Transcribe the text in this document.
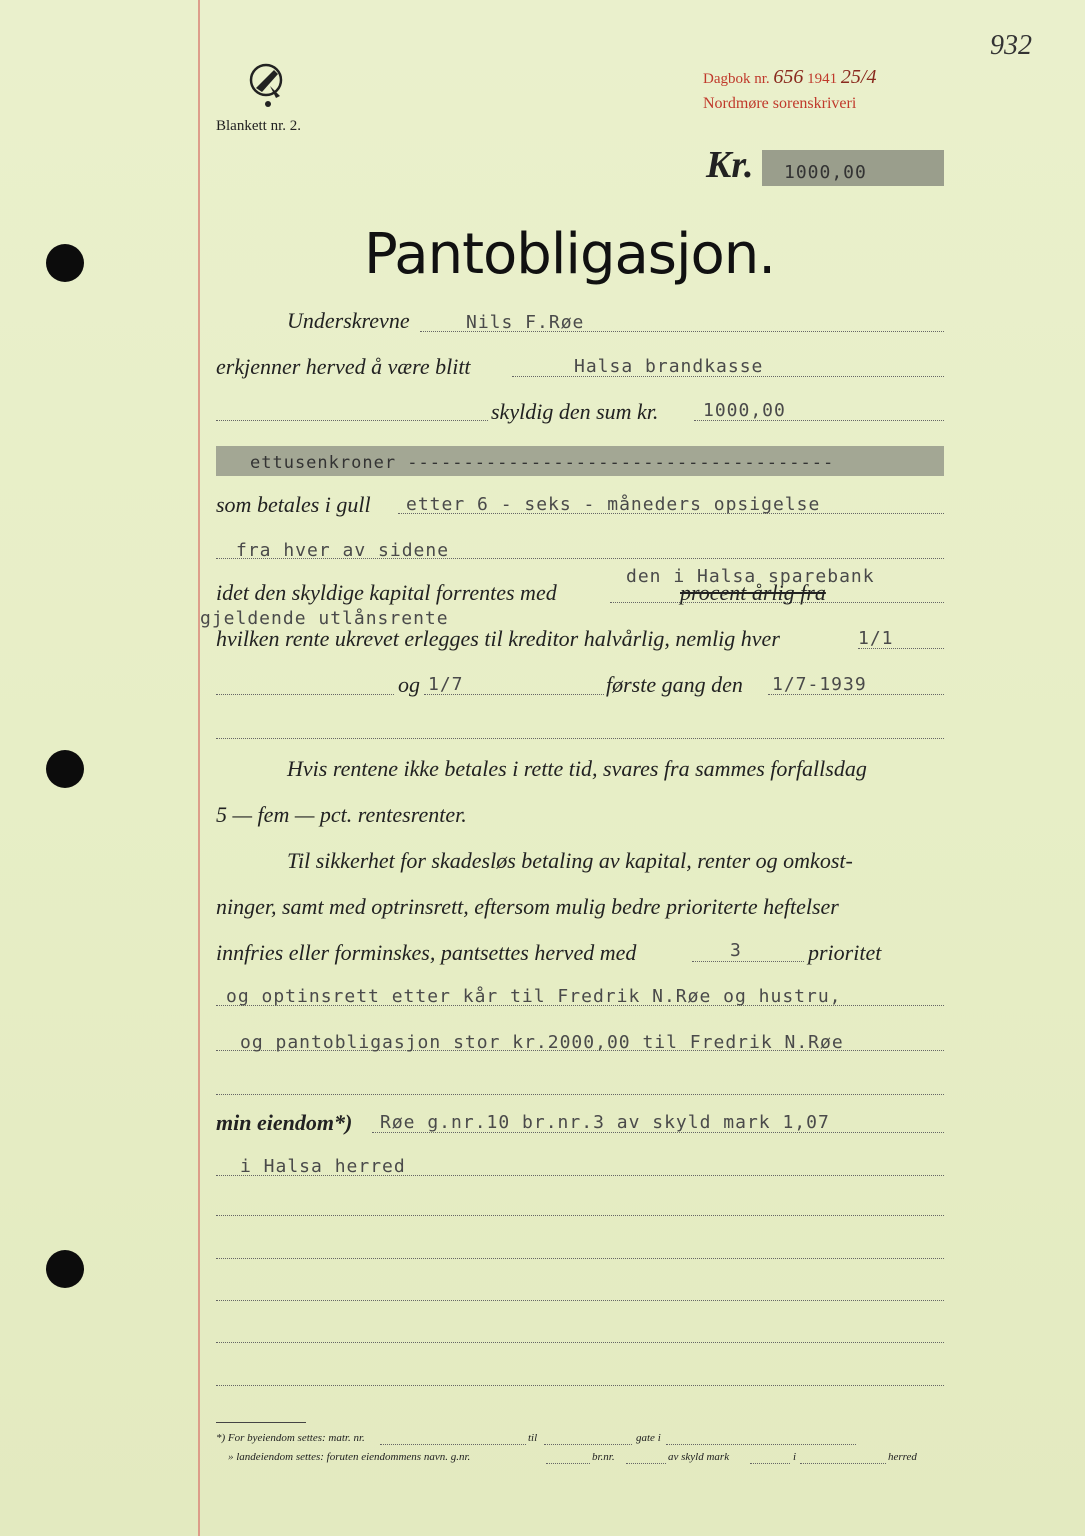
932
Dagbok nr. 656 1941 25/4
Nordmøre sorenskriveri
Blankett nr. 2.
Kr. 1000,00
Pantobligasjon.
Underskrevne	Nils F.Røe
erkjenner herved å være blitt	Halsa brandkasse
skyldig den sum kr. 1000,00
ettusenkroner --------------------------------------
som betales i gull etter 6 - seks - måneders opsigelse
fra hver av sidene
den i Halsa sparebank
idet den skyldige kapital forrentes med	procent årlig fra
gjeldende utlånsrente
hvilken rente ukrevet erlegges til kreditor halvårlig, nemlig hver	1/1
og 1/7	første gang den 1/7-1939
Hvis rentene ikke betales i rette tid, svares fra sammes forfallsdag
5 — fem — pct. rentesrenter.
Til sikkerhet for skadesløs betaling av kapital, renter og omkost-
ninger, samt med optrinsrett, eftersom mulig bedre prioriterte heftelser
innfries eller forminskes, pantsettes herved med	3	prioritet
og optinsrett etter kår til Fredrik N.Røe og hustru,
og pantobligasjon stor kr.2000,00 til Fredrik N.Røe
min eiendom*) Røe g.nr.10 br.nr.3 av skyld mark 1,07
i Halsa herred
*) For byeiendom settes: matr. nr.	til	gate i
» landeiendom settes: foruten eiendommens navn. g.nr.	br.nr.	av skyld mark	i	herred
